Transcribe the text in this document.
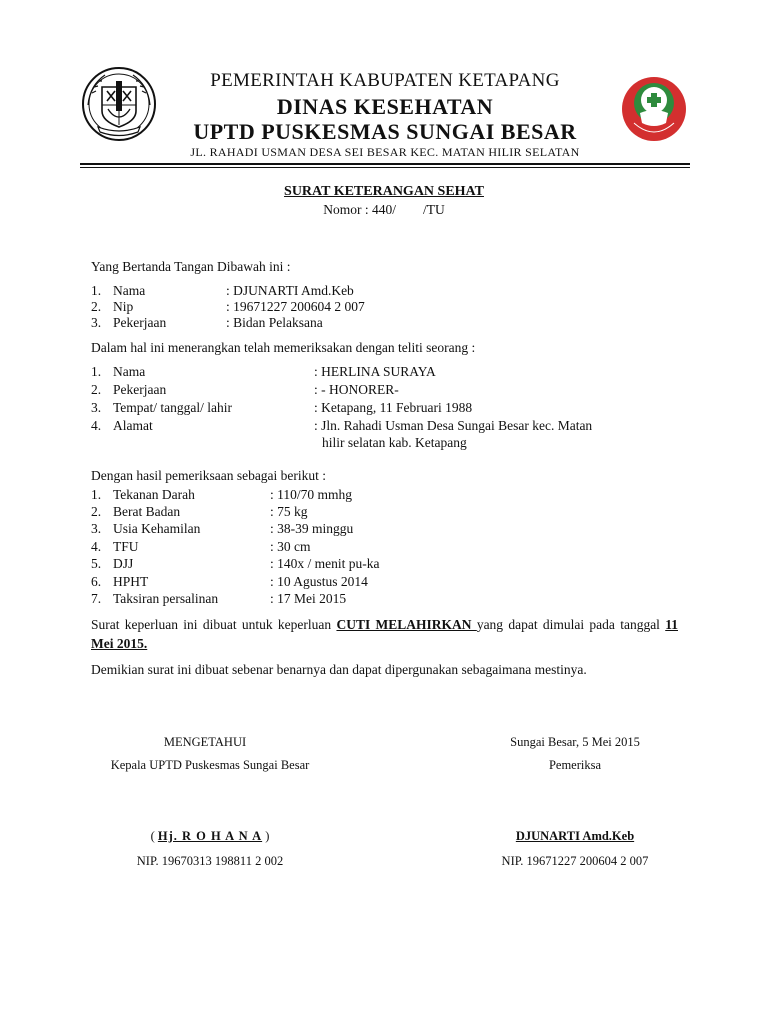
PEMERINTAH KABUPATEN KETAPANG
DINAS KESEHATAN
UPTD PUSKESMAS SUNGAI BESAR
JL. RAHADI USMAN DESA SEI BESAR KEC. MATAN HILIR SELATAN
SURAT KETERANGAN SEHAT
Nomor : 440/        /TU
Yang Bertanda Tangan Dibawah ini :
1. Nama	: DJUNARTI Amd.Keb
2. Nip	: 19671227 200604 2 007
3. Pekerjaan	: Bidan Pelaksana
Dalam hal ini menerangkan telah memeriksakan dengan teliti seorang :
1. Nama	: HERLINA SURAYA
2. Pekerjaan	: - HONORER-
3. Tempat/ tanggal/ lahir	: Ketapang, 11 Februari 1988
4. Alamat	: Jln. Rahadi Usman Desa Sungai Besar kec. Matan
hilir selatan kab. Ketapang
Dengan hasil pemeriksaan sebagai berikut :
1. Tekanan Darah	: 110/70 mmhg
2. Berat Badan	: 75 kg
3. Usia Kehamilan	: 38-39 minggu
4. TFU	: 30 cm
5. DJJ	: 140x / menit pu-ka
6. HPHT	: 10 Agustus 2014
7. Taksiran persalinan	: 17 Mei 2015
Surat keperluan ini dibuat untuk keperluan CUTI MELAHIRKAN yang dapat dimulai pada tanggal 11 Mei 2015.
Demikian surat ini dibuat sebenar benarnya dan dapat dipergunakan sebagaimana mestinya.
MENGETAHUI
Kepala UPTD Puskesmas Sungai Besar
( Hj. R O H A N A )
NIP. 19670313 198811 2 002
Sungai Besar, 5 Mei 2015
Pemeriksa
DJUNARTI Amd.Keb
NIP. 19671227 200604 2 007
